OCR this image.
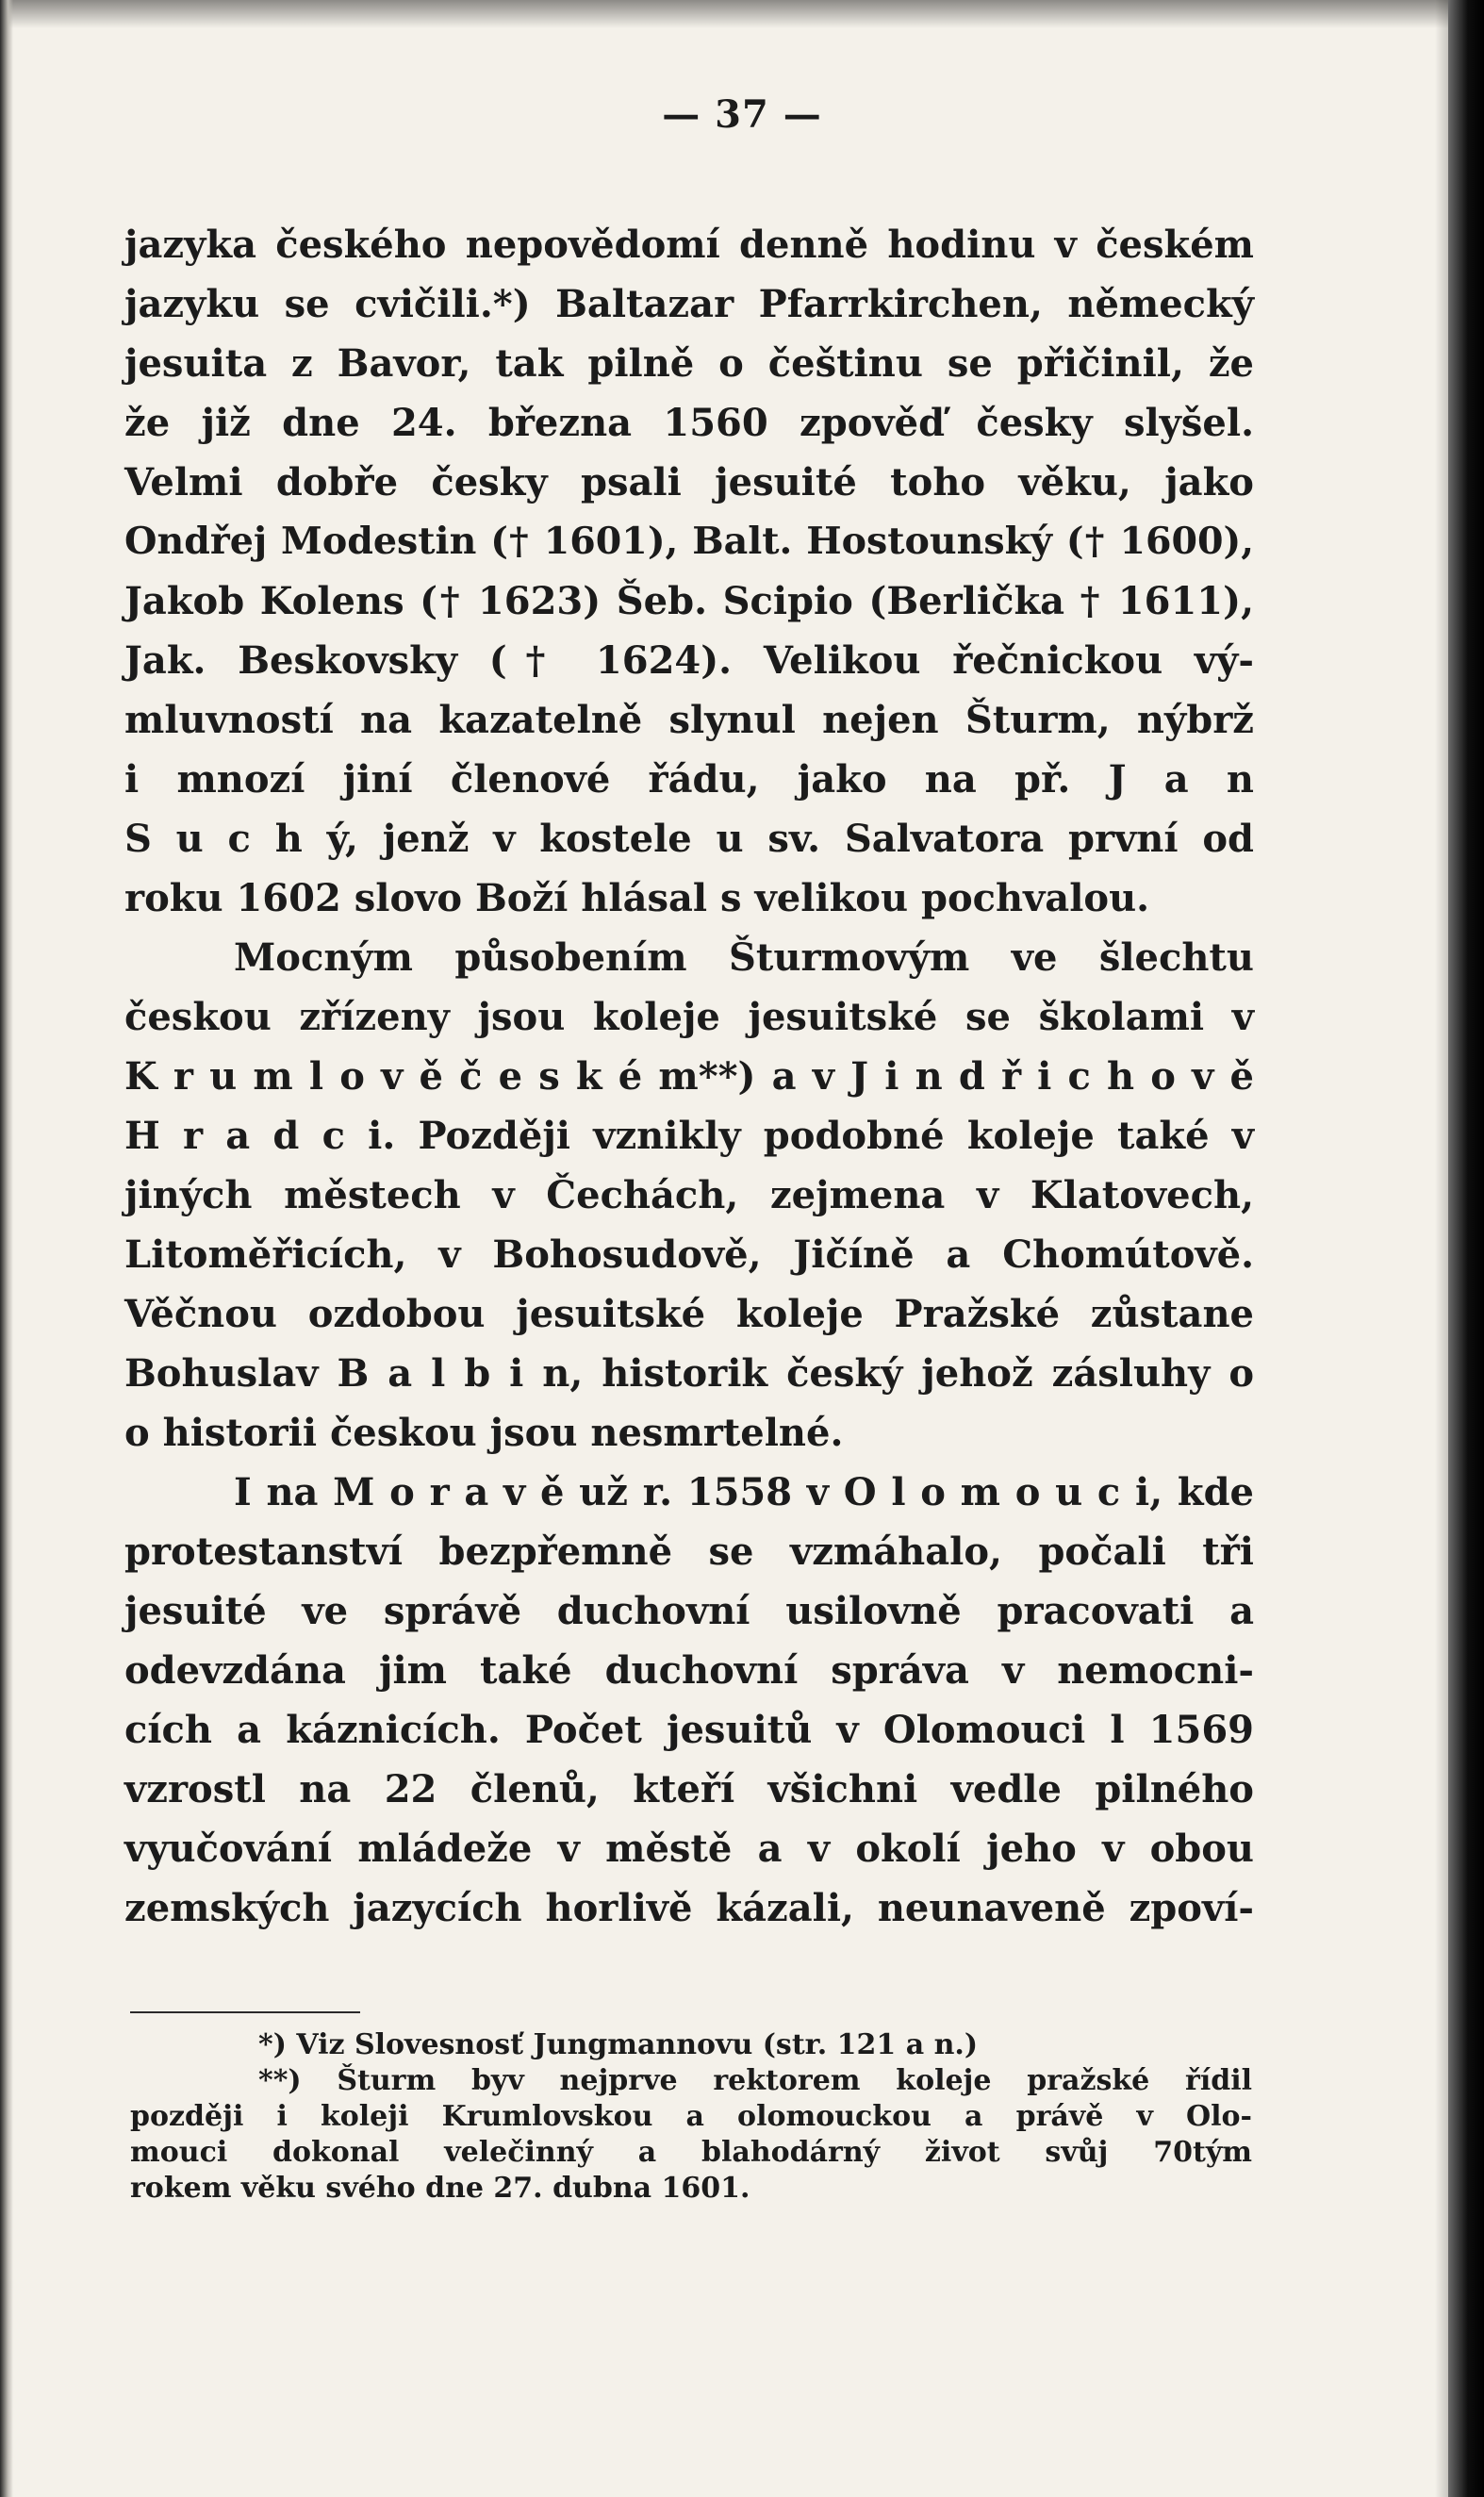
— 37 —
jazyka českého nepovědomí denně hodinu v českém
jazyku se cvičili.*) Baltazar Pfarrkirchen, německý
jesuita z Bavor, tak pilně o češtinu se přičinil, že
že již dne 24. března 1560 zpověď česky slyšel.
Velmi dobře česky psali jesuité toho věku, jako
Ondřej Modestin († 1601), Balt. Hostounský († 1600),
Jakob Kolens († 1623) Šeb. Scipio (Berlička † 1611),
Jak. Beskovsky († 1624). Velikou řečnickou vý-
mluvností na kazatelně slynul nejen Šturm, nýbrž
i mnozí jiní členové řádu, jako na př. J a n
S u c h ý, jenž v kostele u sv. Salvatora první od
roku 1602 slovo Boží hlásal s velikou pochvalou.
Mocným působením Šturmovým ve šlechtu
českou zřízeny jsou koleje jesuitské se školami v
K r u m l o v ě č e s k é m**) a v J i n d ř i c h o v ě
H r a d c i. Později vznikly podobné koleje také v
jiných městech v Čechách, zejmena v Klatovech,
Litoměřicích, v Bohosudově, Jičíně a Chomútově.
Věčnou ozdobou jesuitské koleje Pražské zůstane
Bohuslav B a l b i n, historik český jehož zásluhy o
o historii českou jsou nesmrtelné.
I na M o r a v ě už r. 1558 v O l o m o u c i, kde
protestanství bezpřemně se vzmáhalo, počali tři
jesuité ve správě duchovní usilovně pracovati a
odevzdána jim také duchovní správa v nemocni-
cích a káznicích. Počet jesuitů v Olomouci l 1569
vzrostl na 22 členů, kteří všichni vedle pilného
vyučování mládeže v městě a v okolí jeho v obou
zemských jazycích horlivě kázali, neunaveně zpoví-
*) Viz Slovesnosť Jungmannovu (str. 121 a n.)
**) Šturm byv nejprve rektorem koleje pražské řídil
později i koleji Krumlovskou a olomouckou a právě v Olo-
mouci dokonal velečinný a blahodárný život svůj 70tým
rokem věku svého dne 27. dubna 1601.
